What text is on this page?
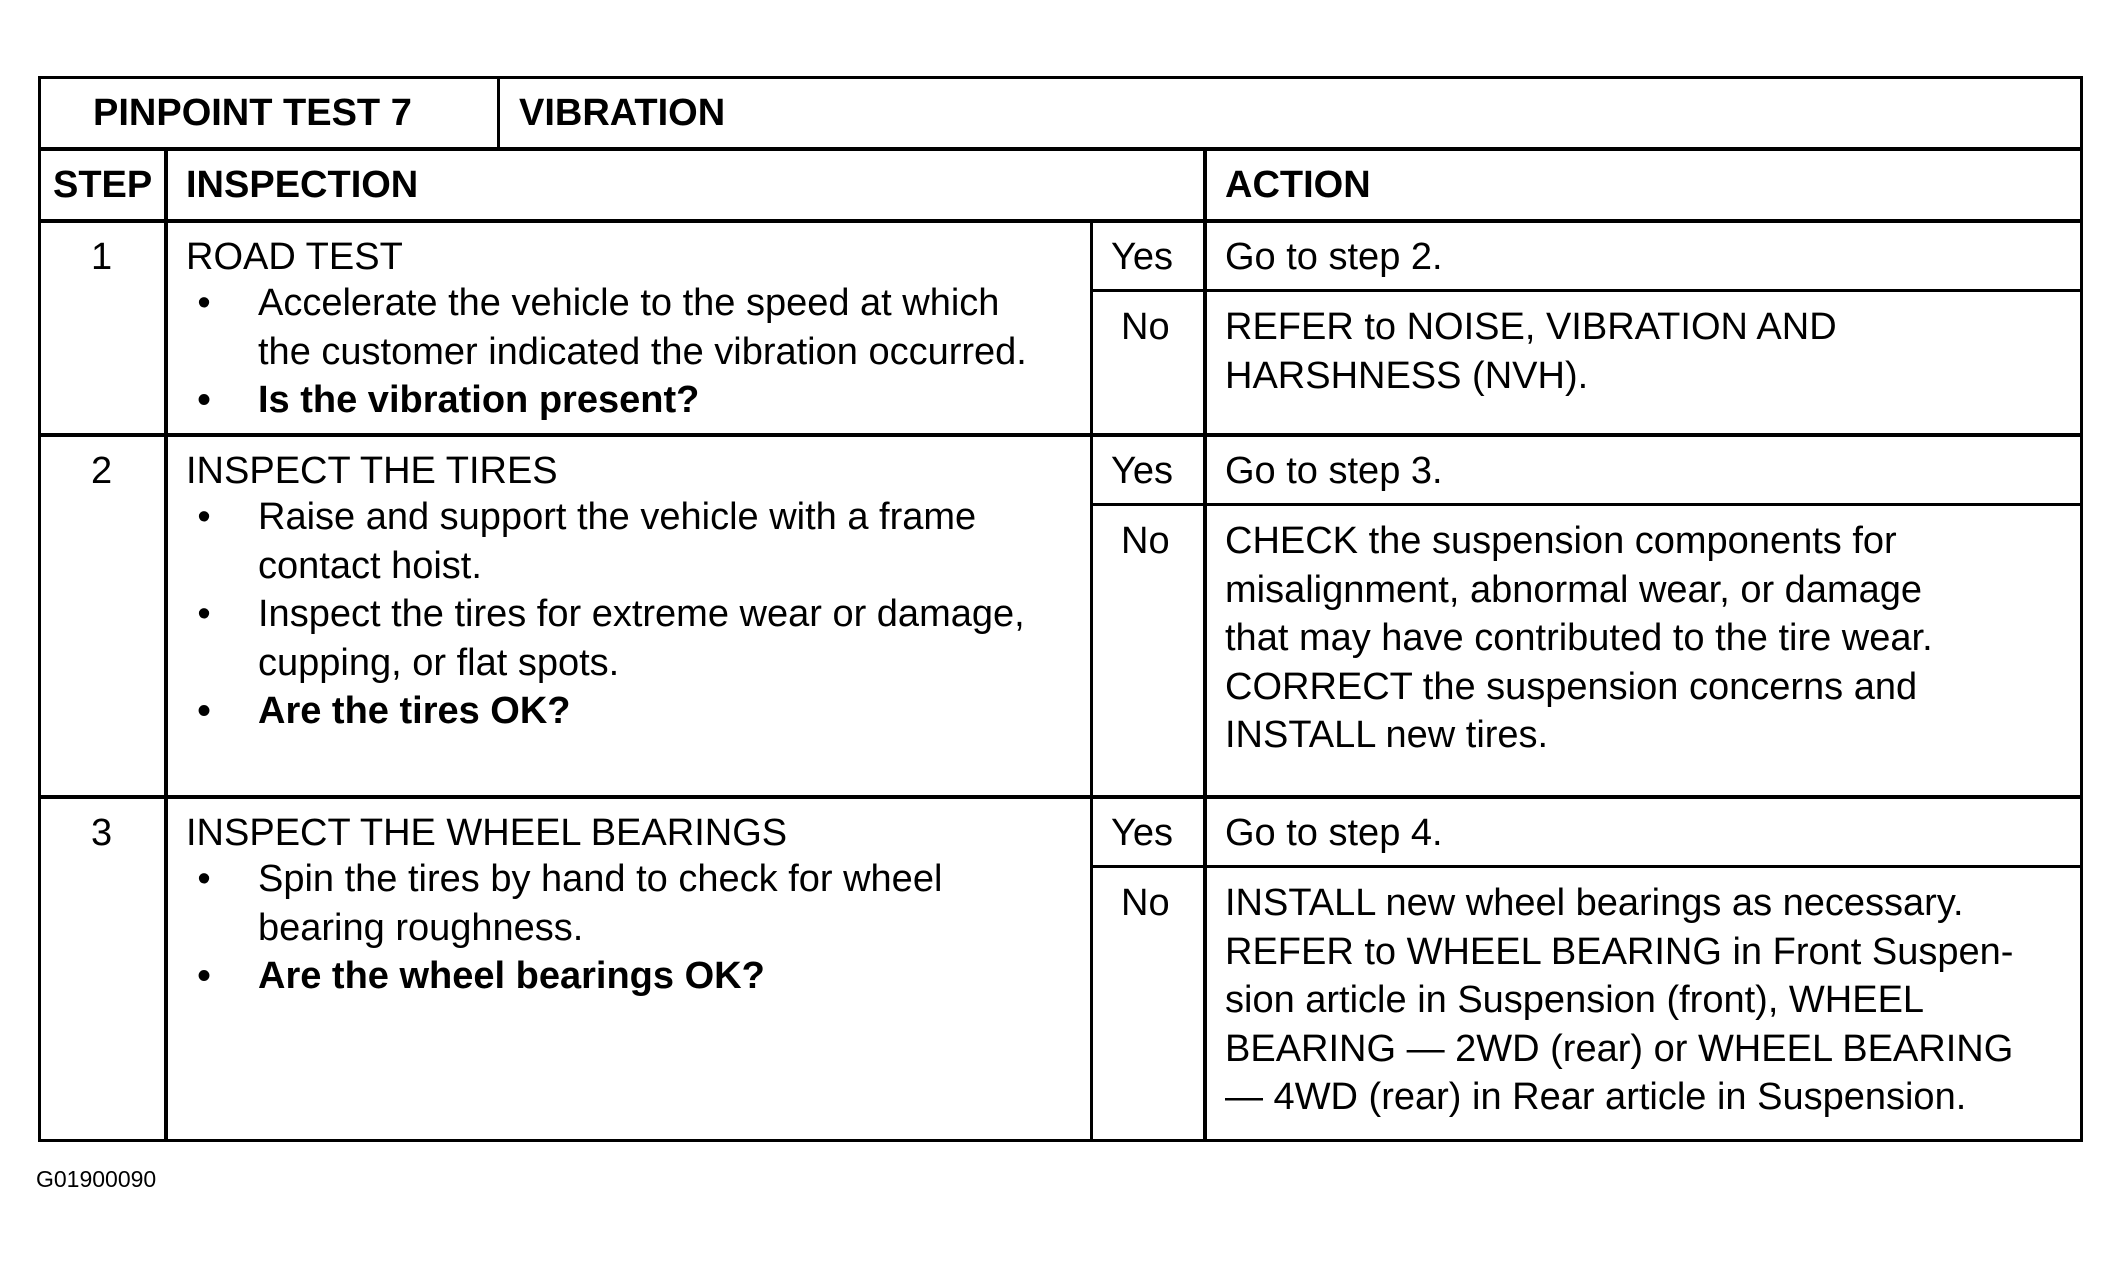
PINPOINT TEST 7	VIBRATION
STEP INSPECTION	ACTION
1 ROAD TEST
• Accelerate the vehicle to the speed at which
the customer indicated the vibration occurred.
• Is the vibration present?
Yes Go to step 2.
No REFER to NOISE, VIBRATION AND
HARSHNESS (NVH).
2 INSPECT THE TIRES
• Raise and support the vehicle with a frame
contact hoist.
• Inspect the tires for extreme wear or damage,
cupping, or flat spots.
• Are the tires OK?
Yes Go to step 3.
No CHECK the suspension components for
misalignment, abnormal wear, or damage
that may have contributed to the tire wear.
CORRECT the suspension concerns and
INSTALL new tires.
3 INSPECT THE WHEEL BEARINGS
• Spin the tires by hand to check for wheel
bearing roughness.
• Are the wheel bearings OK?
Yes Go to step 4.
No INSTALL new wheel bearings as necessary.
REFER to WHEEL BEARING in Front Suspen-
sion article in Suspension (front), WHEEL
BEARING — 2WD (rear) or WHEEL BEARING
— 4WD (rear) in Rear article in Suspension.
G01900090
